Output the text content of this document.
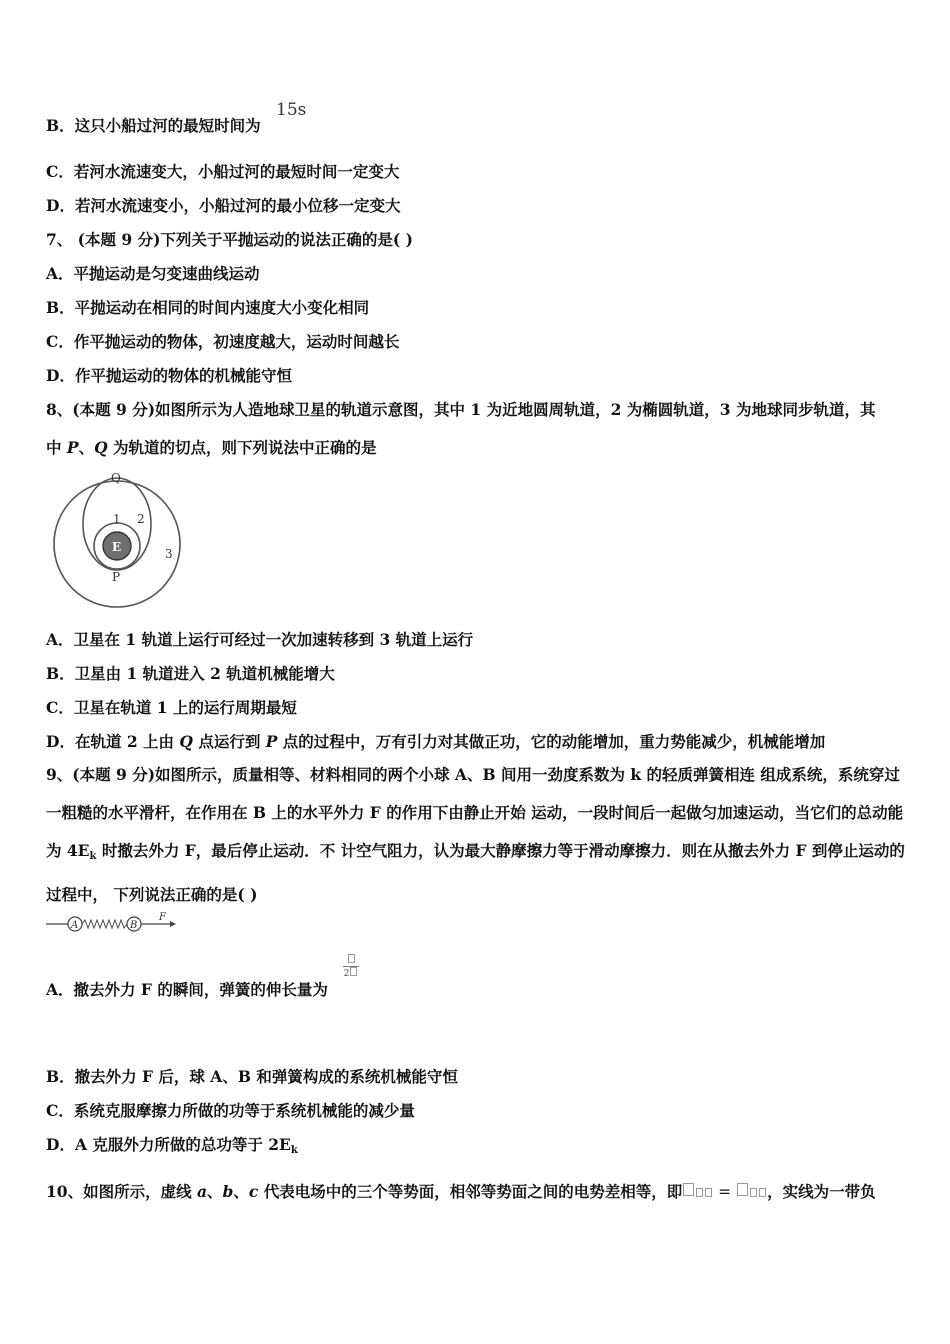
B．这只小船过河的最短时间为
15s
C．若河水流速变大，小船过河的最短时间一定变大
D．若河水流速变小，小船过河的最小位移一定变大
7、 (本题 9 分)下列关于平抛运动的说法正确的是( )
A．平抛运动是匀变速曲线运动
B．平抛运动在相同的时间内速度大小变化相同
C．作平抛运动的物体，初速度越大，运动时间越长
D．作平抛运动的物体的机械能守恒
8、(本题 9 分)如图所示为人造地球卫星的轨道示意图，其中 1 为近地圆周轨道，2 为椭圆轨道，3 为地球同步轨道，其
中 P、Q 为轨道的切点，则下列说法中正确的是
E
Q
P
1 2
3
A．卫星在 1 轨道上运行可经过一次加速转移到 3 轨道上运行
B．卫星由 1 轨道进入 2 轨道机械能增大
C．卫星在轨道 1 上的运行周期最短
D．在轨道 2 上由 Q 点运行到 P 点的过程中，万有引力对其做正功，它的动能增加，重力势能减少，机械能增加
9、(本题 9 分)如图所示，质量相等、材料相同的两个小球 A、B 间用一劲度系数为 k 的轻质弹簧相连 组成系统，系统穿过一粗糙的水平滑杆，在作用在 B 上的水平外力 F 的作用下由静止开始 运动，一段时间后一起做匀加速运动，当它们的总动能为 $4E_k$ 时撤去外力 F，最后停止运动．不 计空气阻力，认为最大静摩擦力等于滑动摩擦力．则在从撤去外力 F 到停止运动的过程中， 下列说法正确的是( )
A	B
F
A．撤去外力 F 的瞬间，弹簧的伸长量为
2
B．撤去外力 F 后，球 A、B 和弹簧构成的系统机械能守恒
C．系统克服摩擦力所做的功等于系统机械能的减少量
D．A 克服外力所做的总功等于 $2E_k$
10、如图所示，虚线 a、b、c 代表电场中的三个等势面，相邻等势面之间的电势差相等，即 = ，实线为一带负
